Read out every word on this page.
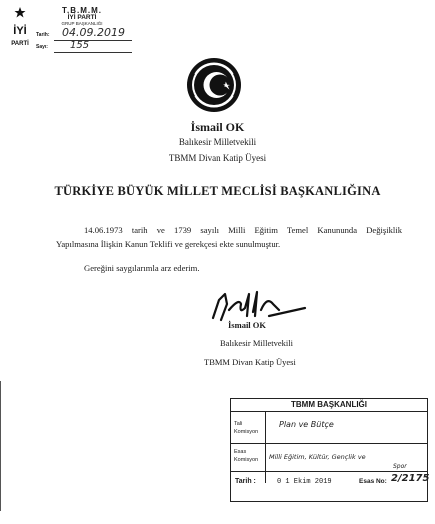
İYİ
PARTİ
T.B.M.M.
İYİ PARTİ
GRUP BAŞKANLIĞI
Tarih: 04.09.2019
Sayı: 155
İsmail OK
Balıkesir Milletvekili
TBMM Divan Katip Üyesi
TÜRKİYE BÜYÜK MİLLET MECLİSİ BAŞKANLIĞINA
14.06.1973 tarih ve 1739 sayılı Milli Eğitim Temel Kanununda Değişiklik
Yapılmasına İlişkin Kanun Teklifi ve gerekçesi ekte sunulmuştur.
Gereğini saygılarımla arz ederim.
İsmail OK
Balıkesir Milletvekili
TBMM Divan Katip Üyesi
TBMM BAŞKANLIĞI
Tali
Komisyon
Plan ve Bütçe
Esas
Komisyon Milli Eğitim, Kültür, Gençlik ve
Spor
Tarih :	0 1 Ekim 2019	Esas No: 2/2175
